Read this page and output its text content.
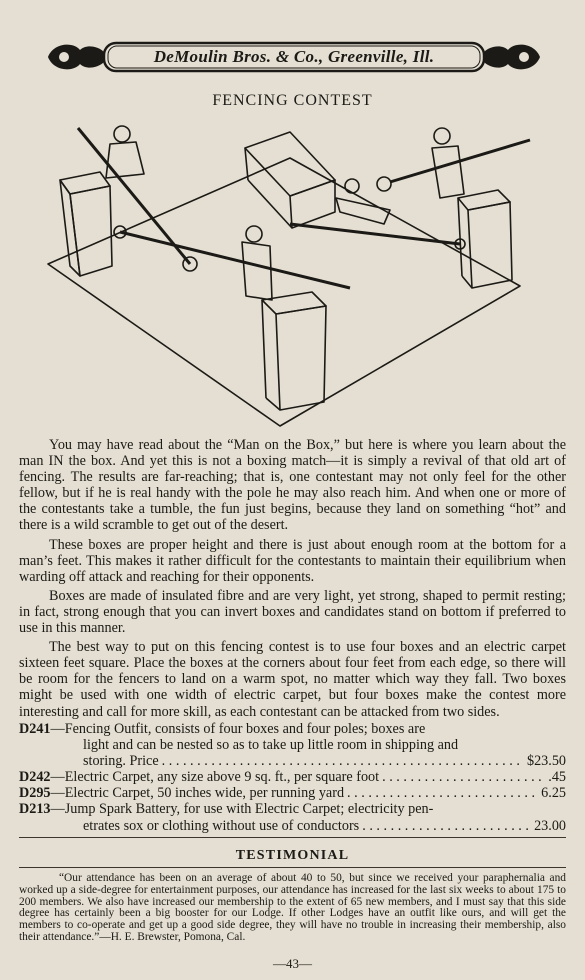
DeMoulin Bros. & Co., Greenville, Ill.
FENCING CONTEST

You may have read about the “Man on the Box,” but here is where you learn about the man IN the box. And yet this is not a boxing match—it is simply a revival of that old art of fencing. The results are far-reaching; that is, one contestant may not only feel for the other fellow, but if he is real handy with the pole he may also reach him. And when one or more of the contestants take a tumble, the fun just begins, because they land on something “hot” and there is a wild scramble to get out of the desert.

These boxes are proper height and there is just about enough room at the bottom for a man’s feet. This makes it rather difficult for the contestants to maintain their equilibrium when warding off attack and reaching for their opponents.

Boxes are made of insulated fibre and are very light, yet strong, shaped to permit resting; in fact, strong enough that you can invert boxes and candidates stand on bottom if preferred to use in this manner.

The best way to put on this fencing contest is to use four boxes and an electric carpet sixteen feet square. Place the boxes at the corners about four feet from each edge, so there will be room for the fencers to land on a warm spot, no matter which way they fall. Two boxes might be used with one width of electric carpet, but four boxes make the contest more interesting and call for more skill, as each contestant can be attacked from two sides.

D241 —Fencing Outfit, consists of four boxes and four poles; boxes are
light and can be nested so as to take up little room in shipping and
storing. Price . . .	$23.50
D242 —Electric Carpet, any size above 9 sq. ft., per square foot . . .	.45
D295 —Electric Carpet, 50 inches wide, per running yard . . .	6.25
D213 —Jump Spark Battery, for use with Electric Carpet; electricity pen-
etrates sox or clothing without use of conductors . . .	23.00
TESTIMONIAL
“Our attendance has been on an average of about 40 to 50, but since we received your paraphernalia and worked up a side-degree for entertainment purposes, our attendance has increased for the last six weeks to about 175 to 200 members. We also have increased our membership to the extent of 65 new members, and I must say that this side degree has certainly been a big booster for our Lodge. If other Lodges have an outfit like ours, and will get the members to co-operate and get up a good side degree, they will have no trouble in increasing their membership, also their attendance.”—H. E. Brewster, Pomona, Cal.
—43—
